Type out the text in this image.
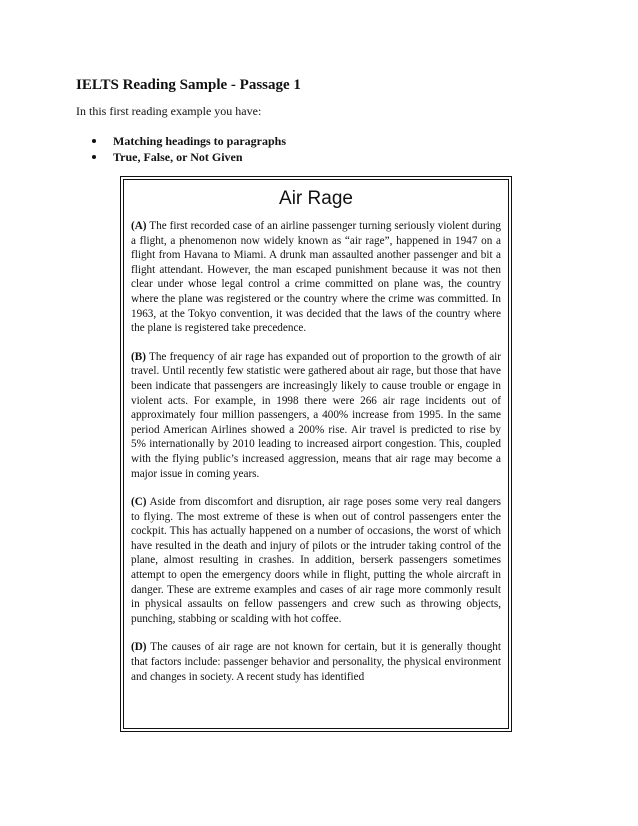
IELTS Reading Sample - Passage 1

In this first reading example you have:

Matching headings to paragraphs
True, False, or Not Given
Air Rage

(A) The first recorded case of an airline passenger turning seriously violent during a flight, a phenomenon now widely known as “air rage”, happened in 1947 on a flight from Havana to Miami. A drunk man assaulted another passenger and bit a flight attendant. However, the man escaped punishment because it was not then clear under whose legal control a crime committed on plane was, the country where the plane was registered or the country where the crime was committed. In 1963, at the Tokyo convention, it was decided that the laws of the country where the plane is registered take precedence.

(B) The frequency of air rage has expanded out of proportion to the growth of air travel. Until recently few statistic were gathered about air rage, but those that have been indicate that passengers are increasingly likely to cause trouble or engage in violent acts. For example, in 1998 there were 266 air rage incidents out of approximately four million passengers, a 400% increase from 1995. In the same period American Airlines showed a 200% rise. Air travel is predicted to rise by 5% internationally by 2010 leading to increased airport congestion. This, coupled with the flying public’s increased aggression, means that air rage may become a major issue in coming years.

(C) Aside from discomfort and disruption, air rage poses some very real dangers to flying. The most extreme of these is when out of control passengers enter the cockpit. This has actually happened on a number of occasions, the worst of which have resulted in the death and injury of pilots or the intruder taking control of the plane, almost resulting in crashes. In addition, berserk passengers sometimes attempt to open the emergency doors while in flight, putting the whole aircraft in danger. These are extreme examples and cases of air rage more commonly result in physical assaults on fellow passengers and crew such as throwing objects, punching, stabbing or scalding with hot coffee.

(D) The causes of air rage are not known for certain, but it is generally thought that factors include: passenger behavior and personality, the physical environment and changes in society. A recent study has identified
